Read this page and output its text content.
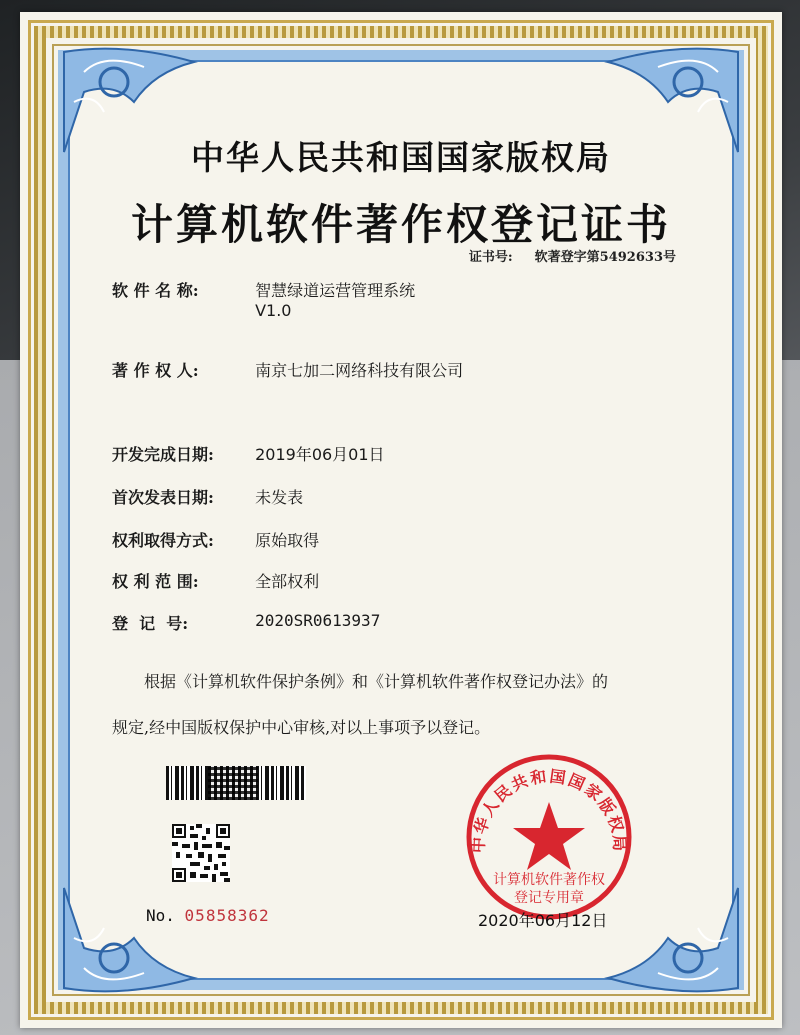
中华人民共和国国家版权局
计算机软件著作权登记证书
证书号: 软著登字第5492633号
软 件 名 称:	智慧绿道运营管理系统
V1.0
著 作 权 人:	南京七加二网络科技有限公司
开发完成日期:	2019年06月01日
首次发表日期:	未发表
权利取得方式:	原始取得
权 利 范 围:	全部权利
登  记  号:	2020SR0613937
根据《计算机软件保护条例》和《计算机软件著作权登记办法》的
规定,经中国版权保护中心审核,对以上事项予以登记。
No. 05858362
中华人民共和国国家版权局
计算机软件著作权
登记专用章
2020年06月12日
